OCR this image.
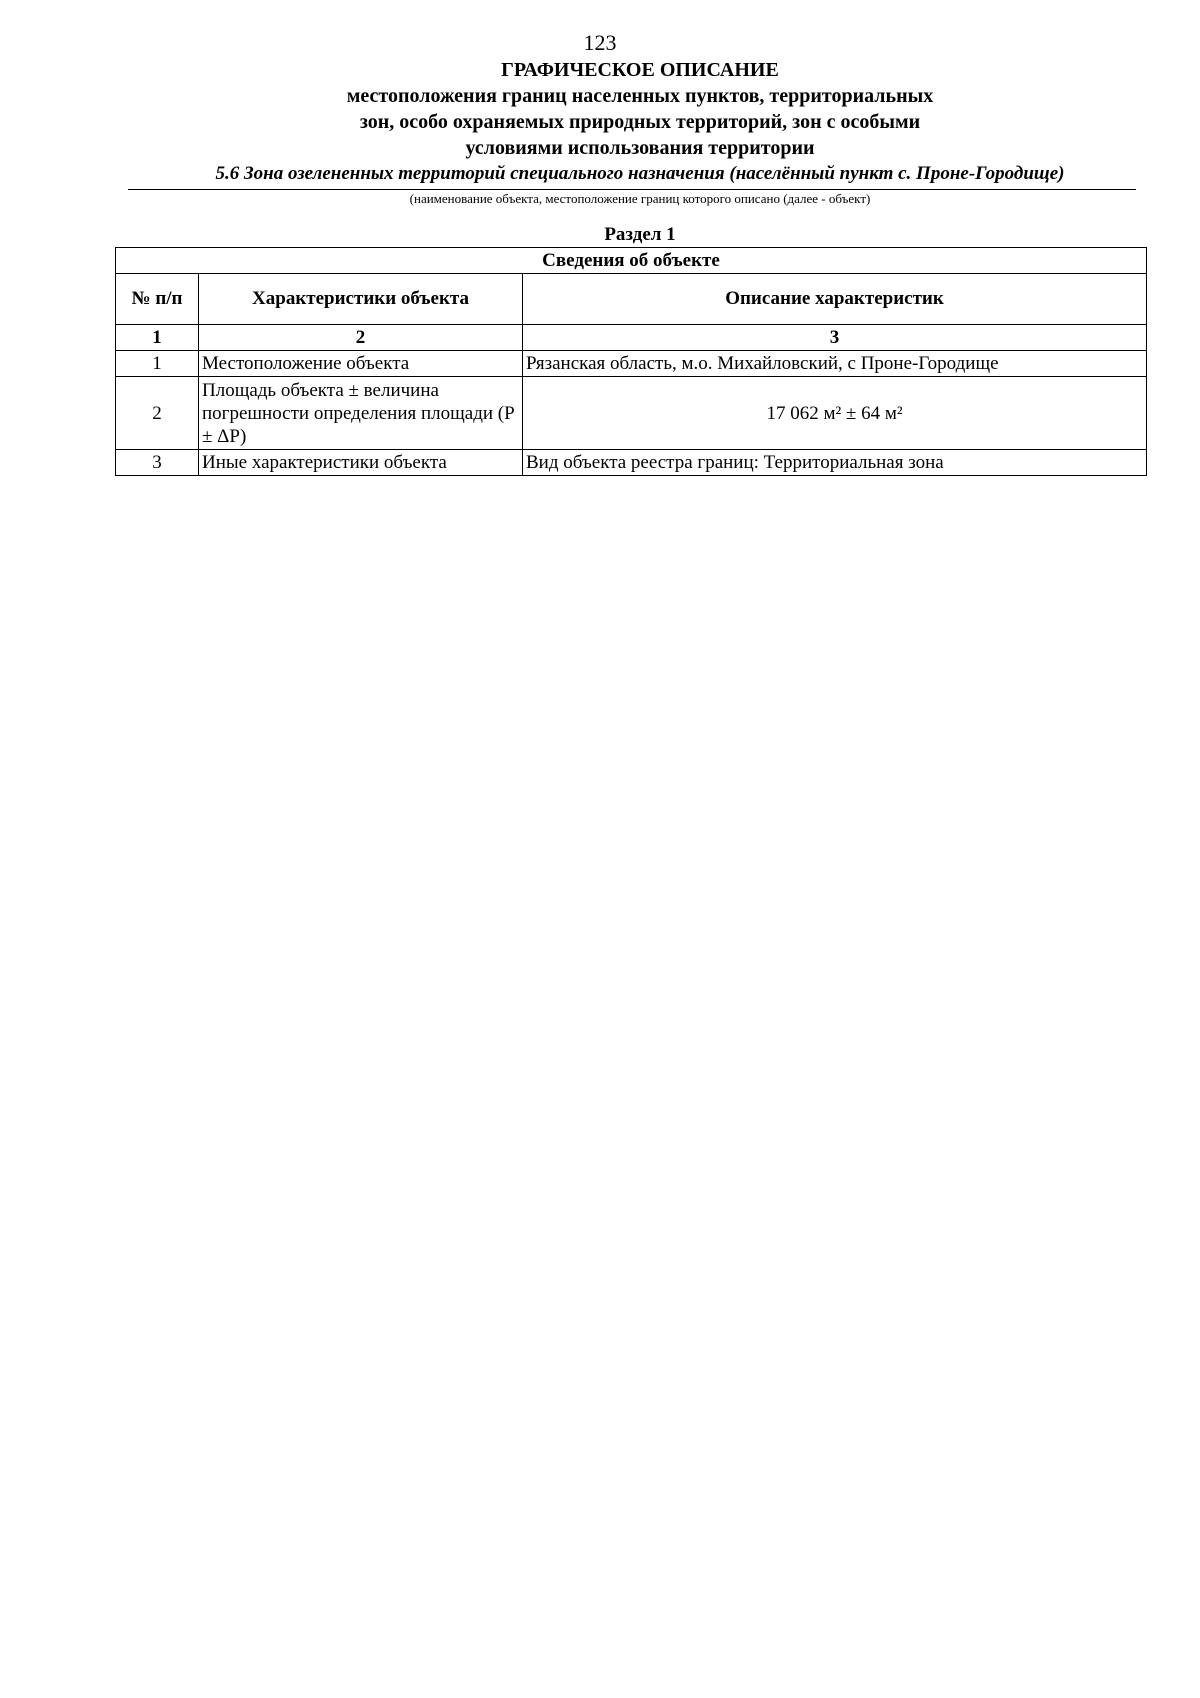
123
ГРАФИЧЕСКОЕ ОПИСАНИЕ
местоположения границ населенных пунктов, территориальных
зон, особо охраняемых природных территорий, зон с особыми
условиями использования территории
5.6 Зона озелененных территорий специального назначения (населённый пункт с. Проне-Городище)
(наименование объекта, местоположение границ которого описано (далее - объект)
Раздел 1
Сведения об объекте		
№ п/п	Характеристики объекта	Описание характеристик
1	2	3
1	Местоположение объекта	Рязанская область, м.о. Михайловский, с Проне-Городище
2	Площадь объекта ± величина погрешности определения площади (P ± ΔP)	17 062 м² ± 64 м²
3	Иные характеристики объекта	Вид объекта реестра границ: Территориальная зона
